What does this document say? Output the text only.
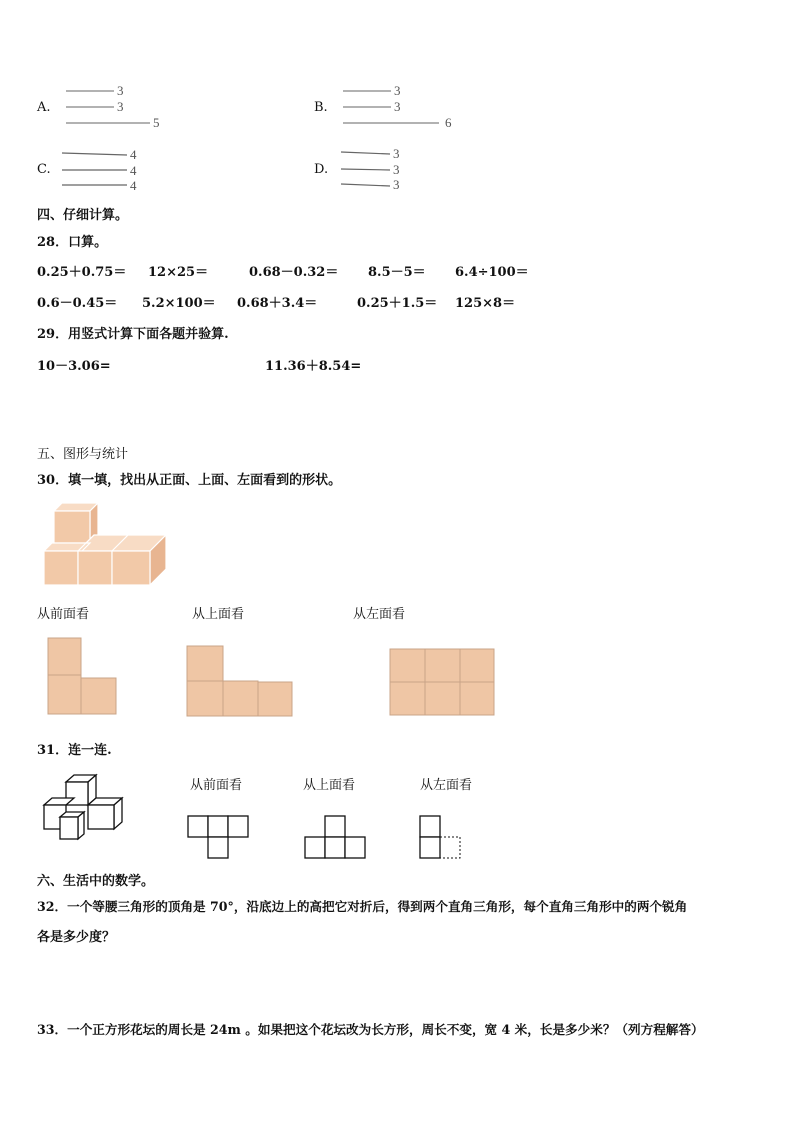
A.
3
3
5
B.
3
3
6
C.
4
4
4
D.
3
3
3
四、仔细计算。
28．口算。
0.25＋0.75＝ 12×25＝	0.68－0.32＝ 8.5－5＝ 6.4÷100＝
0.6－0.45＝ 5.2×100＝ 0.68＋3.4＝	0.25＋1.5＝ 125×8＝
29．用竖式计算下面各题并验算.
10－3.06=	11.36＋8.54=
五、图形与统计
30．填一填，找出从正面、上面、左面看到的形状。
从前面看	从上面看	从左面看
31．连一连.
从前面看	从上面看	从左面看
六、生活中的数学。
32．一个等腰三角形的顶角是 70°，沿底边上的高把它对折后，得到两个直角三角形，每个直角三角形中的两个锐角
各是多少度？
33．一个正方形花坛的周长是 24m 。如果把这个花坛改为长方形，周长不变，宽 4 米，长是多少米？（列方程解答）
